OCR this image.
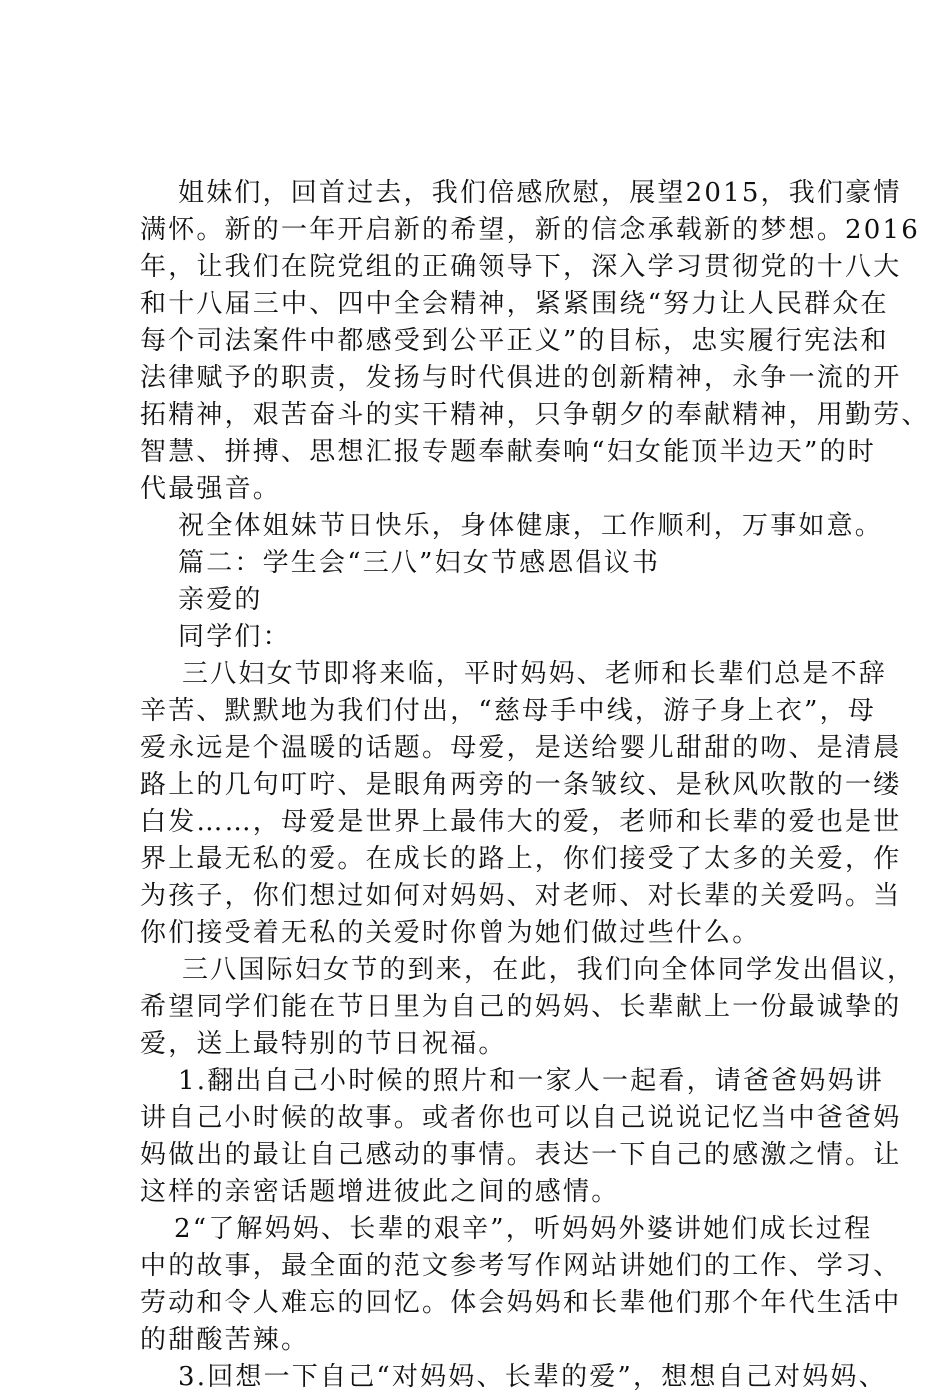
姐妹们，回首过去，我们倍感欣慰，展望2015，我们豪情
满怀。新的一年开启新的希望，新的信念承载新的梦想。2016
年，让我们在院党组的正确领导下，深入学习贯彻党的十八大
和十八届三中、四中全会精神，紧紧围绕“努力让人民群众在
每个司法案件中都感受到公平正义”的目标，忠实履行宪法和
法律赋予的职责，发扬与时代俱进的创新精神，永争一流的开
拓精神，艰苦奋斗的实干精神，只争朝夕的奉献精神，用勤劳、
智慧、拼搏、思想汇报专题奉献奏响“妇女能顶半边天”的时
代最强音。
祝全体姐妹节日快乐，身体健康，工作顺利，万事如意。
篇二：学生会“三八”妇女节感恩倡议书
亲爱的
同学们：
三八妇女节即将来临，平时妈妈、老师和长辈们总是不辞
辛苦、默默地为我们付出，“慈母手中线，游子身上衣”，母
爱永远是个温暖的话题。母爱，是送给婴儿甜甜的吻、是清晨
路上的几句叮咛、是眼角两旁的一条皱纹、是秋风吹散的一缕
白发……，母爱是世界上最伟大的爱，老师和长辈的爱也是世
界上最无私的爱。在成长的路上，你们接受了太多的关爱，作
为孩子，你们想过如何对妈妈、对老师、对长辈的关爱吗。当
你们接受着无私的关爱时你曾为她们做过些什么。
三八国际妇女节的到来，在此，我们向全体同学发出倡议，
希望同学们能在节日里为自己的妈妈、长辈献上一份最诚挚的
爱，送上最特别的节日祝福。
1.翻出自己小时候的照片和一家人一起看，请爸爸妈妈讲
讲自己小时候的故事。或者你也可以自己说说记忆当中爸爸妈
妈做出的最让自己感动的事情。表达一下自己的感激之情。让
这样的亲密话题增进彼此之间的感情。
2“了解妈妈、长辈的艰辛”，听妈妈外婆讲她们成长过程
中的故事，最全面的范文参考写作网站讲她们的工作、学习、
劳动和令人难忘的回忆。体会妈妈和长辈他们那个年代生活中
的甜酸苦辣。
3.回想一下自己“对妈妈、长辈的爱”，想想自己对妈妈、
